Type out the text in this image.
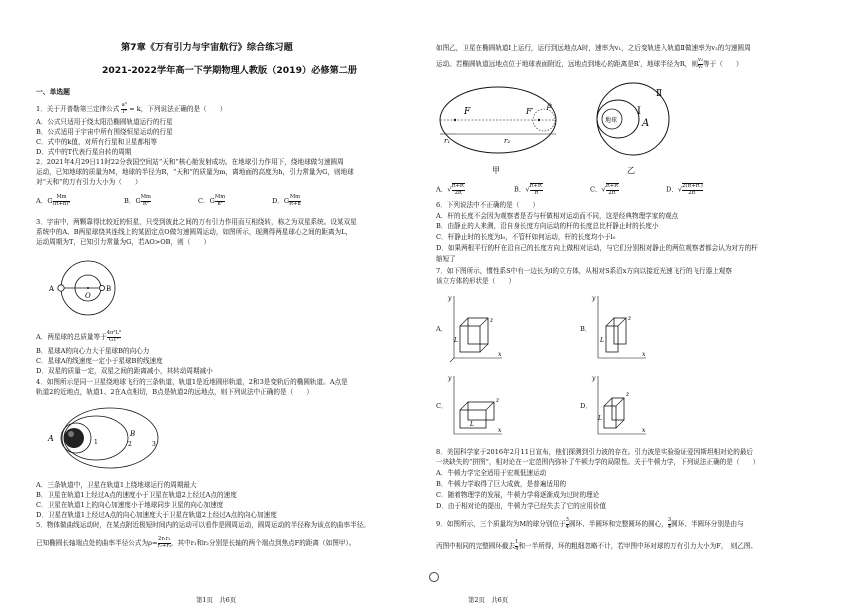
第7章《万有引力与宇宙航行》综合练习题
2021-2022学年高一下学期物理人教版（2019）必修第二册
一、单选题
1．关于开普勒第三定律公式 $\frac{\text{a³}}{\text{T²}} = k$，下列说法正确的是（　　）
A．公式只适用于绕太阳沿椭圆轨道运行的行星
B．公式适用于宇宙中所有围绕恒星运动的行星
C．式中的k值，对所有行星和卫星都相等
D．式中的T代表行星自转的周期
2．2021年4月29日11时22分我国空间站“天和”核心舱发射成功。在地球引力作用下，绕地球做匀速圆周
运动，已知地球的质量为M，地球的半径为R，“天和”的质量为m，离地面的高度为h，引力常量为G，则地球
对“天和”的万有引力大小为（　　）
A．G $\frac{Mm}{\text{(R+h)²}}$	B．G $\frac{Mm}{\text{R²}}$	C．G $\frac{Mm}{\text{h²}}$	D．G $\frac{Mm}{R+h}$
3．宇宙中，两颗靠得比较近的恒星，只受到彼此之间的万有引力作用而互相绕转，称之为双星系统。设某双星
系统中的A、B两星球绕其连线上的某固定点O做匀速圆周运动，如图所示，现测得两星球心之间的距离为L，
运动周期为T，已知引力常量为G，若AO>OB，则（　　）
A	B
O
A．两星球的总质量等于 $\frac{\text{4π²L³}}{\text{GT²}}$
B．星球A的向心力大于星球B的向心力
C．星球A的线速度一定小于星球B的线速度
D．双星的质量一定，双星之间的距离减小，其转动周期减小
4．如图所示是同一卫星绕地球飞行的三条轨道，轨道1是近地圆形轨道，2和3是变轨后的椭圆轨道。A点是
轨道2的近地点，轨道1、2在A点相切，B点是轨道2的远地点，则下列说法中正确的是（　　）
A	B
1	2	3
A．三条轨道中，卫星在轨道1上绕地球运行的周期最大
B．卫星在轨道1上经过A点的速度小于卫星在轨道2上经过A点的速度
C．卫星在轨道1上的向心加速度小于地球同步卫星的向心加速度
D．卫星在轨道1上经过A点的向心加速度大于卫星在轨道2上经过A点的向心加速度
5．物体做曲线运动时，在某点附近极短时间内的运动可以看作是圆周运动，圆周运动的半径称为该点的曲率半径。
已知椭圆长轴端点处的曲率半径公式为$\rho= \frac{\text{2r₁r₂}}{\text{r₁+r₂}}$ ，其中r₁和r₂分别是长轴的两个端点到焦点F的距离（如图甲）。
第1页　共6页
如图乙，卫星在椭圆轨道Ⅰ上运行，运行到远地点A时，速率为v₁，之后变轨进入轨道Ⅱ做速率为v₂的匀速圆周
运动。若椭圆轨道远地点位于地球表面附近，远地点到地心的距离是R′，地球半径为R，则 $\frac{\text{v₂}}{\text{v₁}}$ 等于（　　）
F	F′
ρ
r₁	r₂
甲
地球
Ⅰ
Ⅱ
A
乙
A．√ $\frac{R+R'}{2R}$	B．√ $\frac{R+R'}{R}$	C．√ $\frac{R+R'}{2R'}$	D．√ $\frac{2(R+R')}{2R'}$
6．下列说法中不正确的是（　　）
A．杆的长度不会因为观察者是否与杆做相对运动而不同，这是经典物理学家的观点
B．由静止的人来测，沿自身长度方向运动的杆的长度总比杆静止时的长度小
C．杆静止时的长度为l₀，不管杆如何运动，杆的长度均小于l₀
D．如果两根平行的杆在沿自己的长度方向上做相对运动，与它们分别相对静止的两位观察者都会认为对方的杆
缩短了
7．如下图所示，惯性系S中有一边长为l的立方体，从相对S系沿x方向以接近光速飞行的飞行器上观察
该立方体的形状是（　　）
A．
y
x
z
L
B．
y
x
z
L
C．
y
x
z
L
D．
y
x
z
L
8．美国科学家于2016年2月11日宣布，他们探测到引力波的存在。引力波是实验验证爱因斯坦相对论的最后
一块缺失的“拼图”，相对论在一定范围内弥补了牛顿力学的局限性。关于牛顿力学，下列说法正确的是（　　）
A．牛顿力学完全适用于宏观低速运动
B．牛顿力学取得了巨大成就，是普遍适用的
C．随着物理学的发展，牛顿力学将逐渐成为过时的理论
D．由于相对论的提出，牛顿力学已经失去了它的应用价值
9．如图所示，三个质量均为M的球分别位于 $\frac{3}{4}$ 圆环、半圆环和完整圆环的圆心， $\frac{3}{4}$ 圆环、半圆环分别是由与
丙图中相同的完整圆环截去 $\frac{1}{4}$ 和一半所得，环的粗细忽略不计，若甲图中环对球的万有引力大小为F，　则乙图、
第2页　共6页
